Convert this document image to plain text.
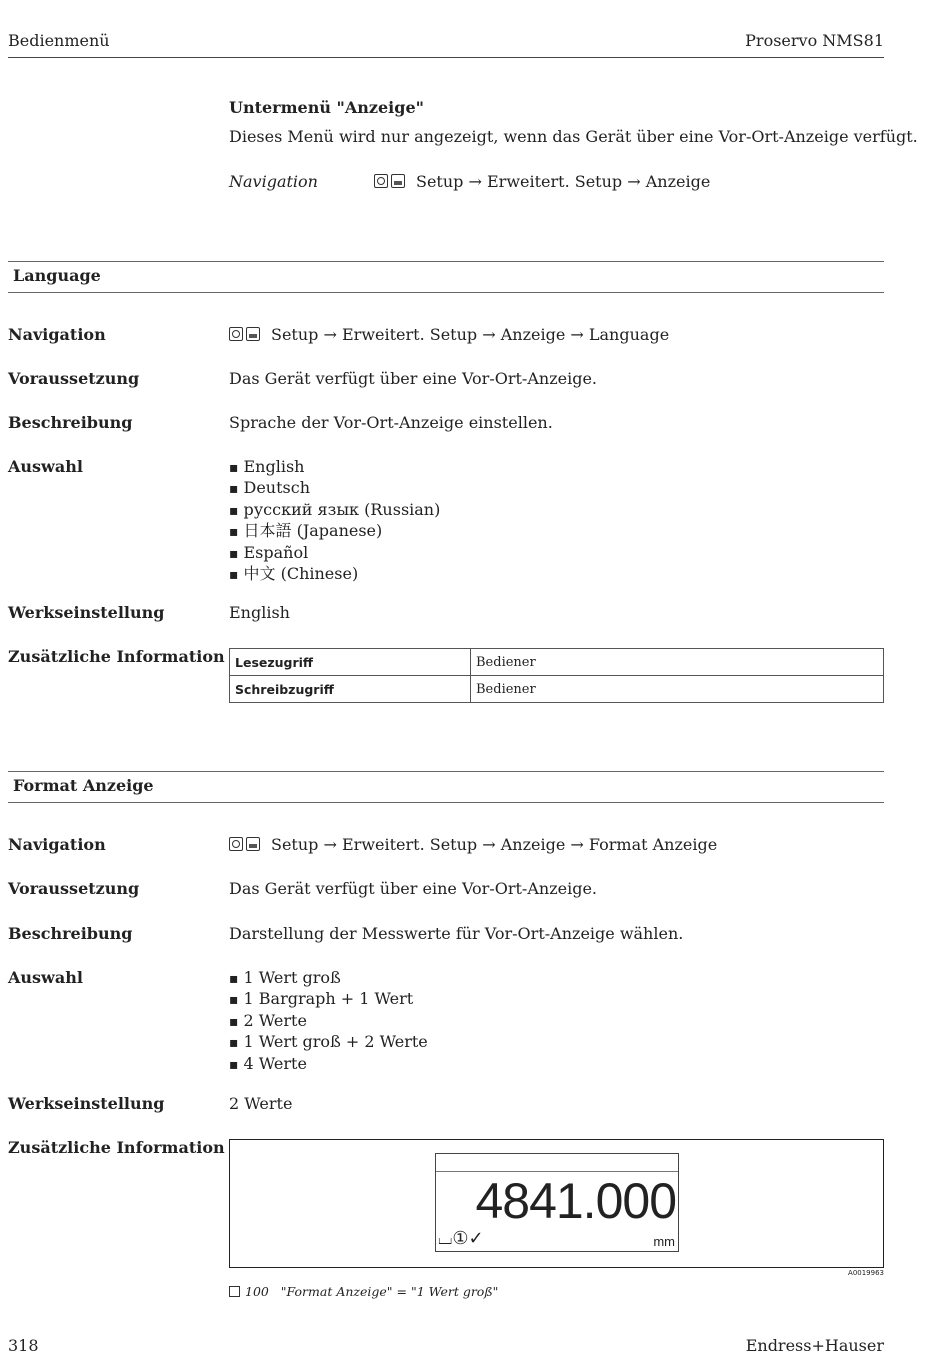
Bedienmenü	Proservo NMS81
Untermenü "Anzeige"
Dieses Menü wird nur angezeigt, wenn das Gerät über eine Vor-Ort-Anzeige verfügt.
Navigation	Setup → Erweitert. Setup → Anzeige
Language
Navigation	Setup → Erweitert. Setup → Anzeige → Language
Voraussetzung	Das Gerät verfügt über eine Vor-Ort-Anzeige.
Beschreibung	Sprache der Vor-Ort-Anzeige einstellen.
Auswahl	▪ English
▪ Deutsch
▪ русский язык (Russian)
▪ 日本語 (Japanese)
▪ Español
▪ 中文 (Chinese)
Werkseinstellung	English
Zusätzliche Information Lesezugriff	Bediener
Schreibzugriff	Bediener
Format Anzeige
Navigation	Setup → Erweitert. Setup → Anzeige → Format Anzeige
Voraussetzung	Das Gerät verfügt über eine Vor-Ort-Anzeige.
Beschreibung	Darstellung der Messwerte für Vor-Ort-Anzeige wählen.
Auswahl	▪ 1 Wert groß
▪ 1 Bargraph + 1 Wert
▪ 2 Werte
▪ 1 Wert groß + 2 Werte
▪ 4 Werte
Werkseinstellung	2 Werte
Zusätzliche Information
4841.000
⌴①✓	mm
A0019963
100 "Format Anzeige" = "1 Wert groß"
318	Endress+Hauser
